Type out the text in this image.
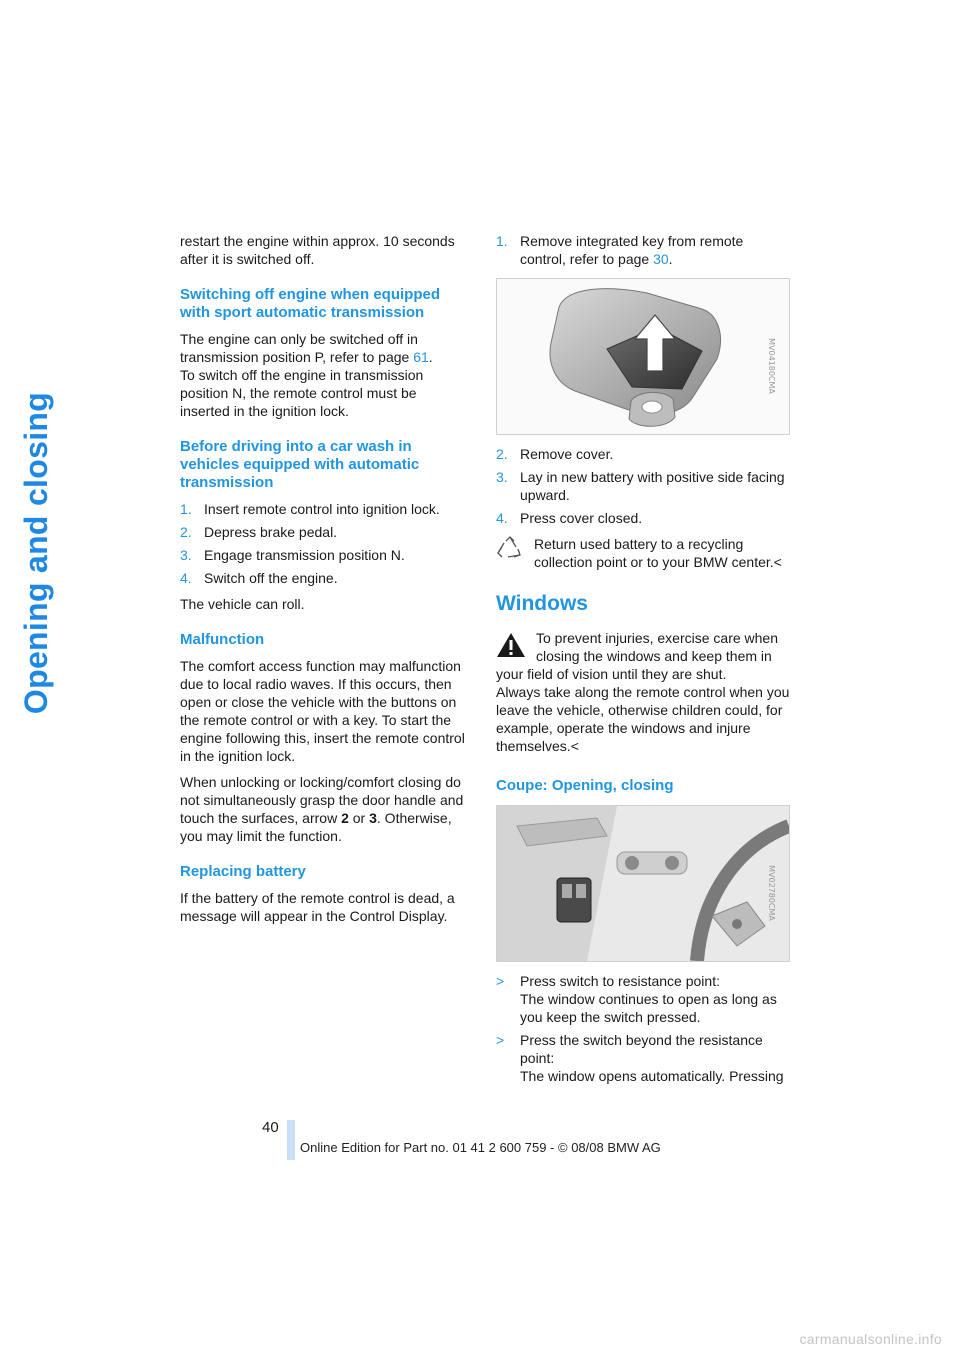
Opening and closing

restart the engine within approx. 10 seconds after it is switched off.

Switching off engine when equipped with sport automatic transmission

The engine can only be switched off in transmission position P, refer to page 61.

To switch off the engine in transmission position N, the remote control must be inserted in the ignition lock.

Before driving into a car wash in vehicles equipped with automatic transmission
1. Insert remote control into ignition lock.
2. Depress brake pedal.
3. Engage transmission position N.
4. Switch off the engine.

The vehicle can roll.

Malfunction

The comfort access function may malfunction due to local radio waves. If this occurs, then open or close the vehicle with the buttons on the remote control or with a key. To start the engine following this, insert the remote control in the ignition lock.

When unlocking or locking/comfort closing do not simultaneously grasp the door handle and touch the surfaces, arrow 2 or 3. Otherwise, you may limit the function.

Replacing battery

If the battery of the remote control is dead, a message will appear in the Control Display.

1. Remove integrated key from remote control, refer to page 30.
MV04180CMA
2. Remove cover.
3. Lay in new battery with positive side facing upward.
4. Press cover closed.
Return used battery to a recycling collection point or to your BMW center.<
Windows

To prevent injuries, exercise care when closing the windows and keep them in your field of vision until they are shut.

Always take along the remote control when you leave the vehicle, otherwise children could, for example, operate the windows and injure themselves.<

Coupe: Opening, closing
MV02780CMA
> Press switch to resistance point:
The window continues to open as long as you keep the switch pressed.
> Press the switch beyond the resistance point:
The window opens automatically. Pressing
40
Online Edition for Part no. 01 41 2 600 759 - © 08/08 BMW AG
carmanualsonline.info
